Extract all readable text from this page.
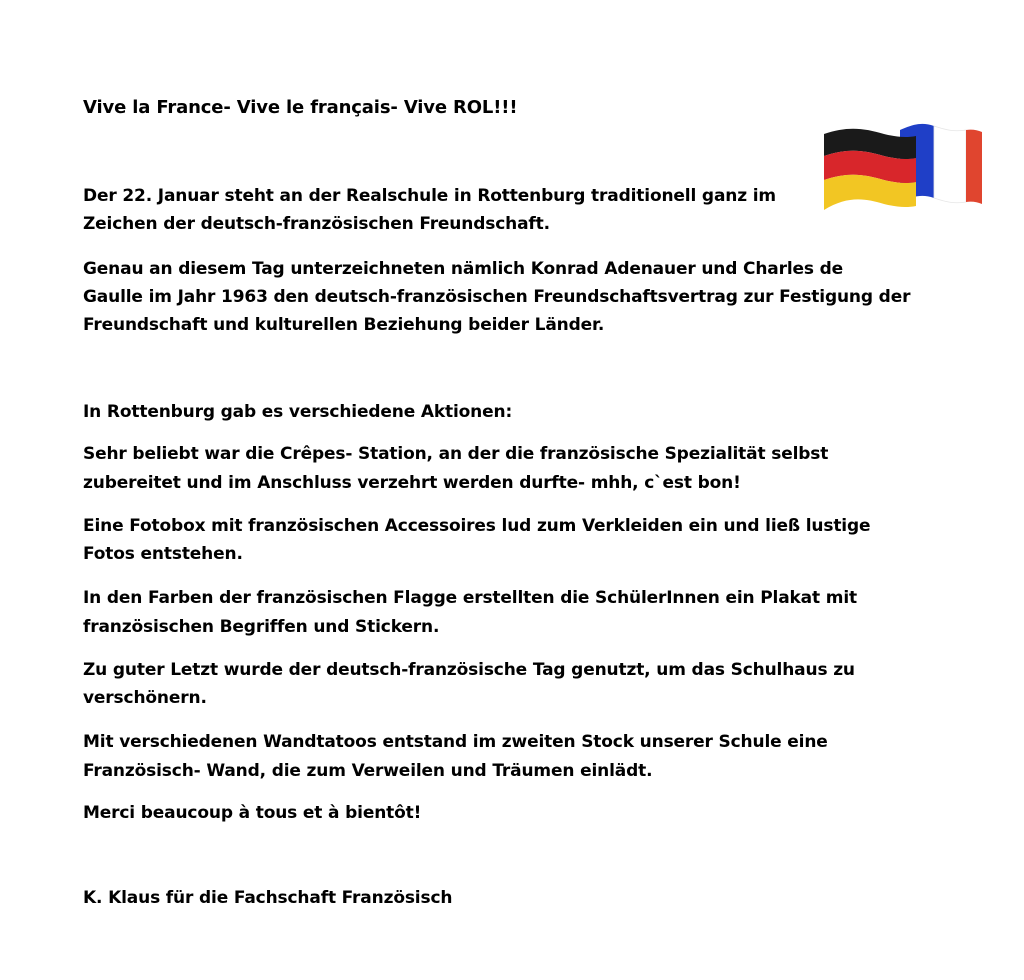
Vive la France- Vive le français- Vive ROL!!!

Der 22. Januar steht an der Realschule in Rottenburg traditionell ganz im

Zeichen der deutsch-französischen Freundschaft.

Genau an diesem Tag unterzeichneten nämlich Konrad Adenauer und Charles de

Gaulle im Jahr 1963 den deutsch-französischen Freundschaftsvertrag zur Festigung der

Freundschaft und kulturellen Beziehung beider Länder.

In Rottenburg gab es verschiedene Aktionen:

Sehr beliebt war die Crêpes- Station, an der die französische Spezialität selbst

zubereitet und im Anschluss verzehrt werden durfte- mhh, c`est bon!

Eine Fotobox mit französischen Accessoires lud zum Verkleiden ein und ließ lustige

Fotos entstehen.

In den Farben der französischen Flagge erstellten die SchülerInnen ein Plakat mit

französischen Begriffen und Stickern.

Zu guter Letzt wurde der deutsch-französische Tag genutzt, um das Schulhaus zu

verschönern.

Mit verschiedenen Wandtatoos entstand im zweiten Stock unserer Schule eine

Französisch- Wand, die zum Verweilen und Träumen einlädt.

Merci beaucoup à tous et à bientôt!

K. Klaus für die Fachschaft Französisch
